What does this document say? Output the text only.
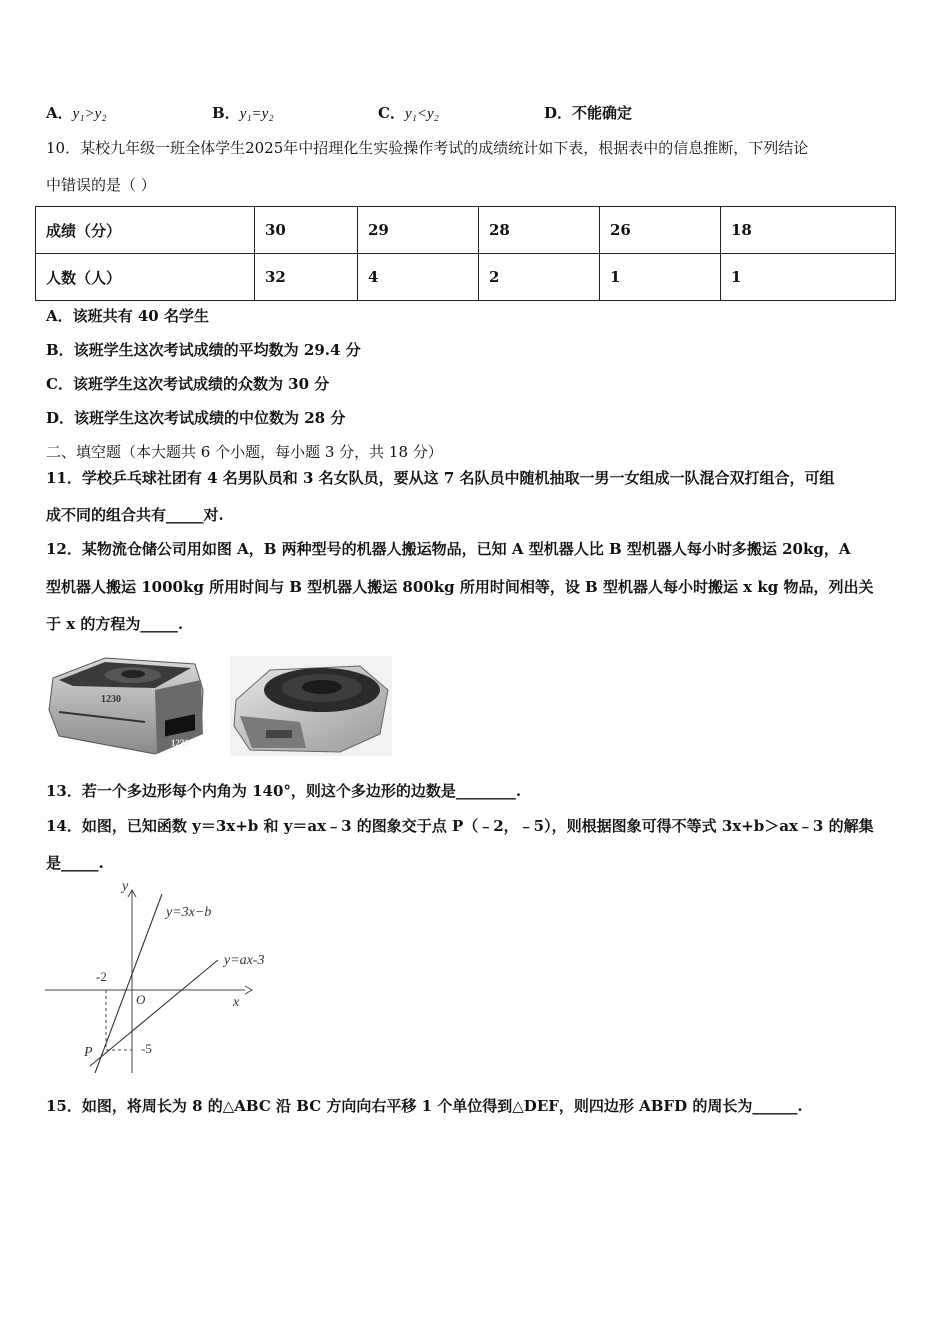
A．y₁>y₂	B．y₁=y₂	C．y₁<y₂	D．不能确定
10．某校九年级一班全体学生2025年中招理化生实验操作考试的成绩统计如下表，根据表中的信息推断，下列结论
中错误的是（ ）
成绩（分）	30	29	28	26	18
人数（人）	32	4	2	1	1
A．该班共有 40 名学生
B．该班学生这次考试成绩的平均数为 29.4 分
C．该班学生这次考试成绩的众数为 30 分
D．该班学生这次考试成绩的中位数为 28 分
二、填空题（本大题共 6 个小题，每小题 3 分，共 18 分）
11．学校乒乓球社团有 4 名男队员和 3 名女队员，要从这 7 名队员中随机抽取一男一女组成一队混合双打组合，可组
成不同的组合共有_____对.
12．某物流仓储公司用如图 A，B 两种型号的机器人搬运物品，已知 A 型机器人比 B 型机器人每小时多搬运 20kg，A
型机器人搬运 1000kg 所用时间与 B 型机器人搬运 800kg 所用时间相等，设 B 型机器人每小时搬运 x kg 物品，列出关
于 x 的方程为_____.
1230
1230
13．若一个多边形每个内角为 140°，则这个多边形的边数是________.
14．如图，已知函数 y＝3x+b 和 y＝ax﹣3 的图象交于点 P（﹣2，﹣5），则根据图象可得不等式 3x+b＞ax﹣3 的解集
是_____.
y
x
y=3x−b
y=ax-3
-2
O
-5
P
15．如图，将周长为 8 的△ABC 沿 BC 方向向右平移 1 个单位得到△DEF，则四边形 ABFD 的周长为______.
